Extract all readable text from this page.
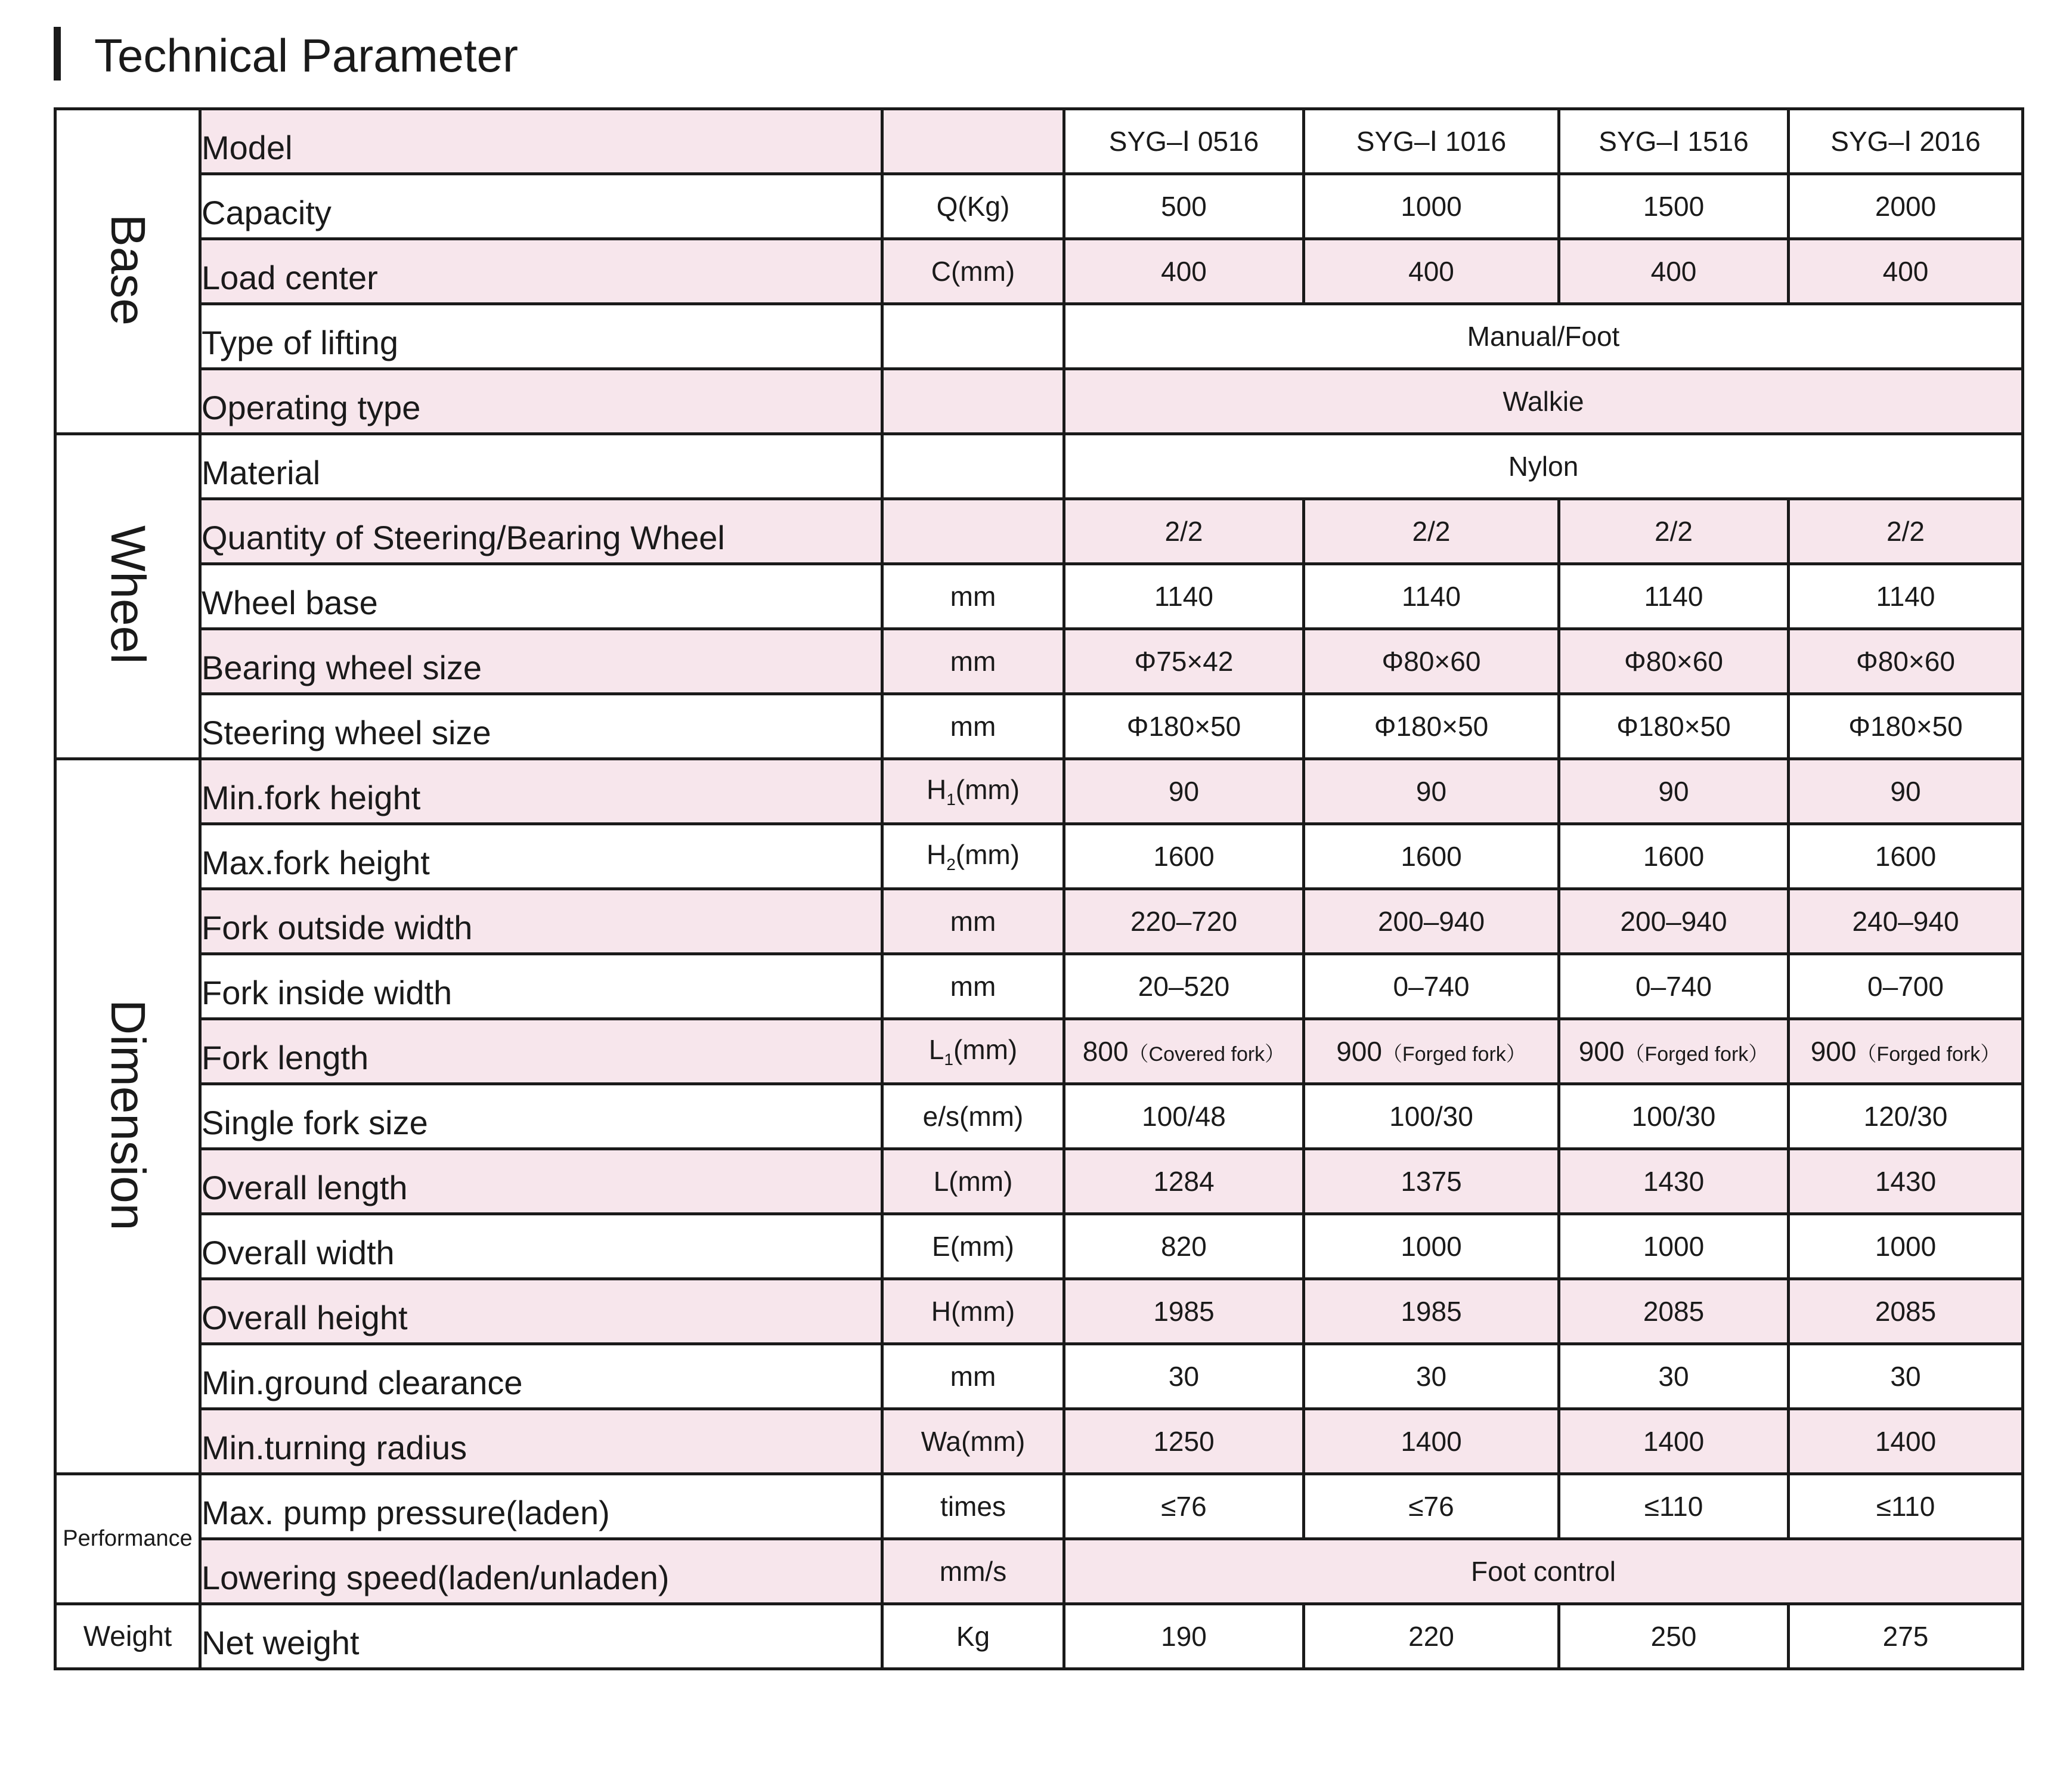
Technical Parameter
Base	Model		SYG–Ⅰ 0516	SYG–Ⅰ 1016	SYG–Ⅰ 1516	SYG–Ⅰ 2016

	Capacity	Q(Kg)	500	1000	1500	2000

	Load center	C(mm)	400	400	400	400

	Type of lifting		Manual/Foot			

	Operating type		Walkie			
Wheel	Material		Nylon			

	Quantity of Steering/Bearing Wheel		2/2	2/2	2/2	2/2

	Wheel base	mm	1140	1140	1140	1140

	Bearing wheel size	mm	Φ75×42	Φ80×60	Φ80×60	Φ80×60

	Steering wheel size	mm	Φ180×50	Φ180×50	Φ180×50	Φ180×50
Dimension	Min.fork height	$H_1(mm)$	90	90	90	90

	Max.fork height	$H_2(mm)$	1600	1600	1600	1600

	Fork outside width	mm	220–720	200–940	200–940	240–940

	Fork inside width	mm	20–520	0–740	0–740	0–700

	Fork length	$L_1(mm)$	800（Covered fork）	900（Forged fork）	900（Forged fork）	900（Forged fork）

	Single fork size	e/s(mm)	100/48	100/30	100/30	120/30

	Overall length	L(mm)	1284	1375	1430	1430

	Overall width	E(mm)	820	1000	1000	1000

	Overall height	H(mm)	1985	1985	2085	2085

	Min.ground clearance	mm	30	30	30	30

	Min.turning radius	Wa(mm)	1250	1400	1400	1400
Performance	Max. pump pressure(laden)	times	≤76	≤76	≤110	≤110

	Lowering speed(laden/unladen)	mm/s	Foot control			
Weight	Net weight	Kg	190	220	250	275
